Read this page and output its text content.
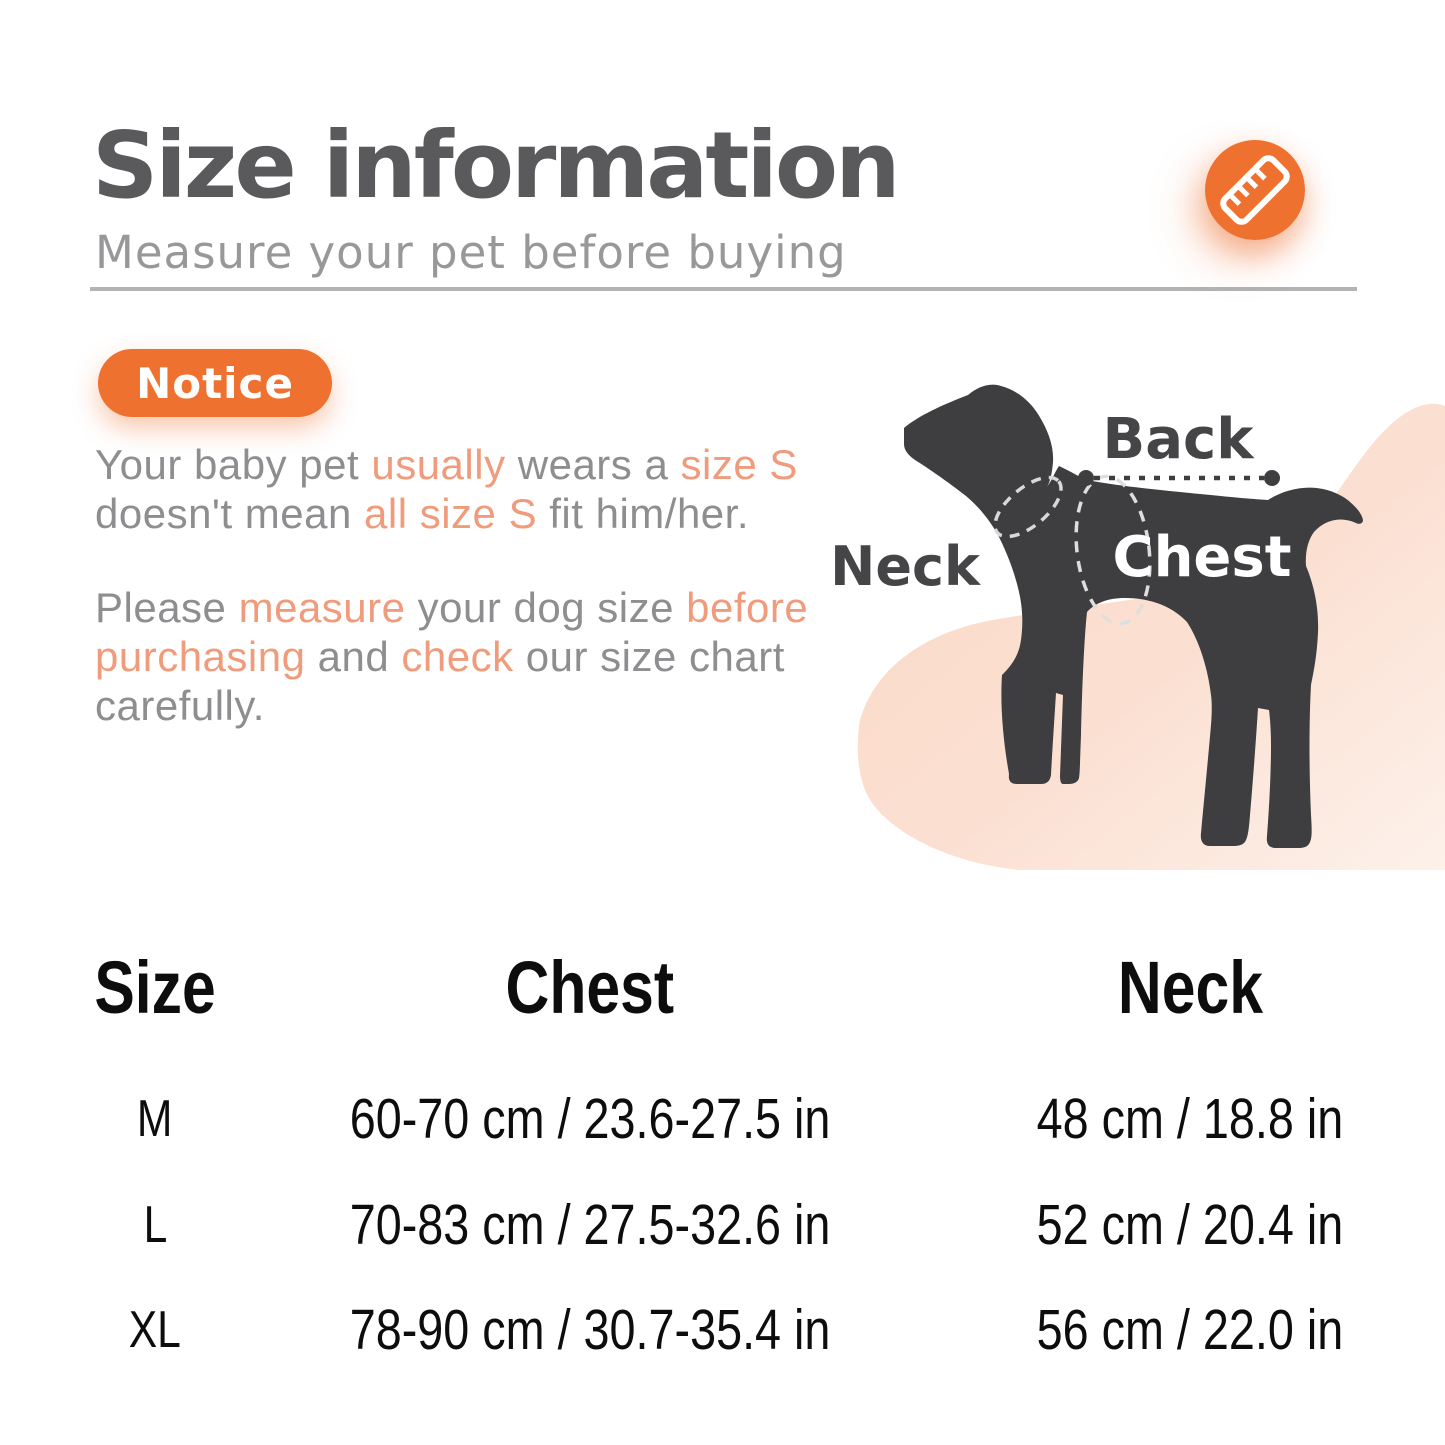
Size information
Measure your pet before buying
Notice

Your baby pet usually wears a size S
doesn't mean all size S fit him/her.

Please measure your dog size before
purchasing and check our size chart
carefully.

Back
Neck Chest
Size	Chest	Neck
M	60-70 cm / 23.6-27.5 in	48 cm / 18.8 in
L	70-83 cm / 27.5-32.6 in	52 cm / 20.4 in
XL	78-90 cm / 30.7-35.4 in	56 cm / 22.0 in
